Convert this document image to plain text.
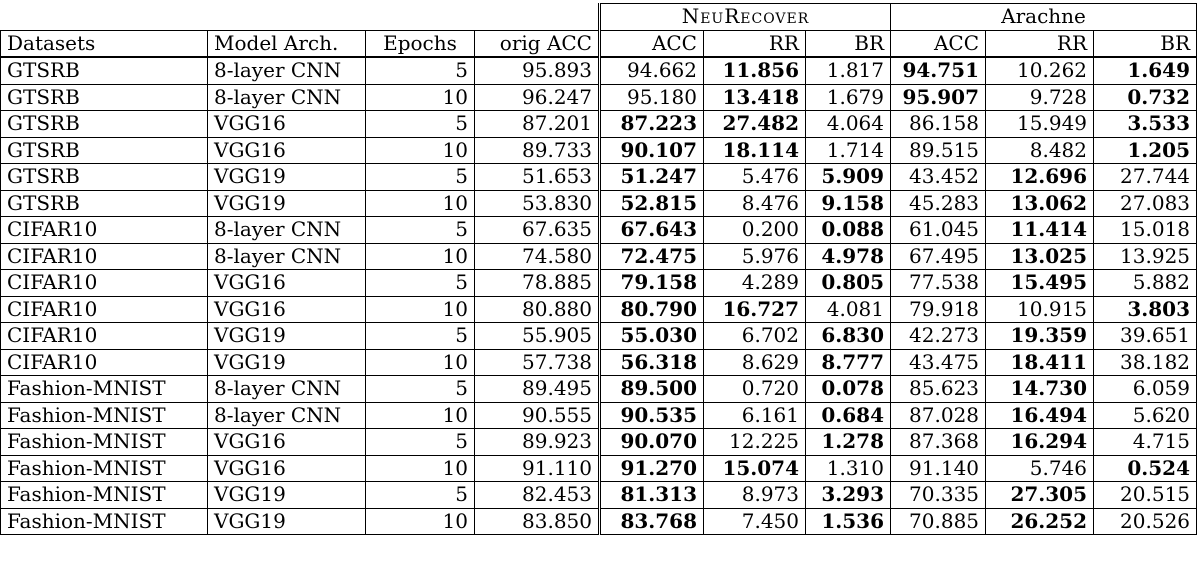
				NeuRecover			Arachne		
Datasets	Model Arch.	Epochs	orig ACC	ACC	RR	BR	ACC	RR	BR
GTSRB	8-layer CNN	5	95.893	94.662	11.856	1.817	94.751	10.262	1.649
GTSRB	8-layer CNN	10	96.247	95.180	13.418	1.679	95.907	9.728	0.732
GTSRB	VGG16	5	87.201	87.223	27.482	4.064	86.158	15.949	3.533
GTSRB	VGG16	10	89.733	90.107	18.114	1.714	89.515	8.482	1.205
GTSRB	VGG19	5	51.653	51.247	5.476	5.909	43.452	12.696	27.744
GTSRB	VGG19	10	53.830	52.815	8.476	9.158	45.283	13.062	27.083
CIFAR10	8-layer CNN	5	67.635	67.643	0.200	0.088	61.045	11.414	15.018
CIFAR10	8-layer CNN	10	74.580	72.475	5.976	4.978	67.495	13.025	13.925
CIFAR10	VGG16	5	78.885	79.158	4.289	0.805	77.538	15.495	5.882
CIFAR10	VGG16	10	80.880	80.790	16.727	4.081	79.918	10.915	3.803
CIFAR10	VGG19	5	55.905	55.030	6.702	6.830	42.273	19.359	39.651
CIFAR10	VGG19	10	57.738	56.318	8.629	8.777	43.475	18.411	38.182
Fashion-MNIST	8-layer CNN	5	89.495	89.500	0.720	0.078	85.623	14.730	6.059
Fashion-MNIST	8-layer CNN	10	90.555	90.535	6.161	0.684	87.028	16.494	5.620
Fashion-MNIST	VGG16	5	89.923	90.070	12.225	1.278	87.368	16.294	4.715
Fashion-MNIST	VGG16	10	91.110	91.270	15.074	1.310	91.140	5.746	0.524
Fashion-MNIST	VGG19	5	82.453	81.313	8.973	3.293	70.335	27.305	20.515
Fashion-MNIST	VGG19	10	83.850	83.768	7.450	1.536	70.885	26.252	20.526
